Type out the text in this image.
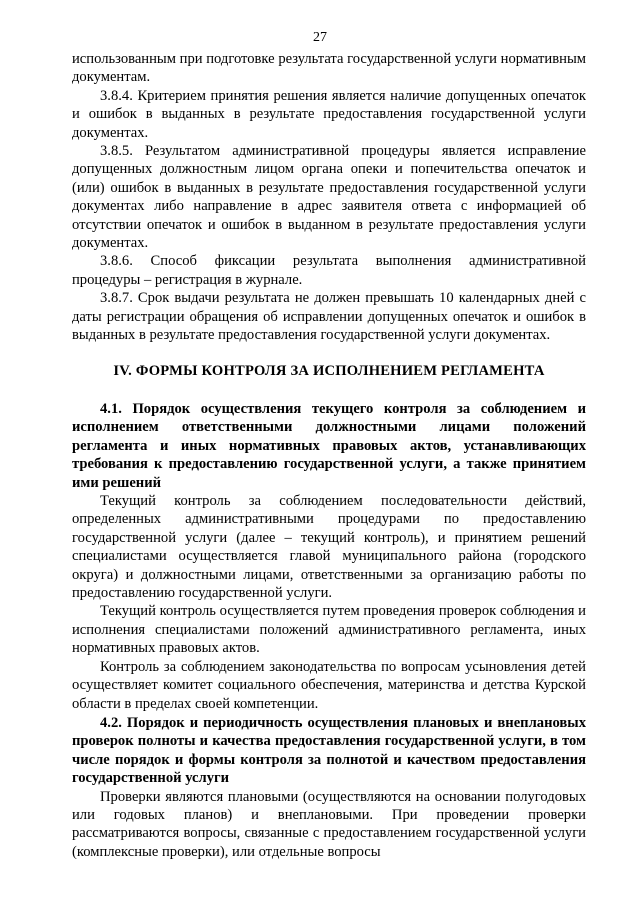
27

использованным при подготовке результата государственной услуги нормативным документам.

3.8.4. Критерием принятия решения является наличие допущенных опечаток и ошибок в выданных в результате предоставления государственной услуги документах.

3.8.5. Результатом административной процедуры является исправление допущенных должностным лицом органа опеки и попечительства опечаток и (или) ошибок в выданных в результате предоставления государственной услуги документах либо направление в адрес заявителя ответа с информацией об отсутствии опечаток и ошибок в выданном в результате предоставления услуги документах.

3.8.6. Способ фиксации результата выполнения административной процедуры – регистрация в журнале.

3.8.7. Срок выдачи результата не должен превышать 10 календарных дней с даты регистрации обращения об исправлении допущенных опечаток и ошибок в выданных в результате предоставления государственной услуги документах.

IV. ФОРМЫ КОНТРОЛЯ ЗА ИСПОЛНЕНИЕМ РЕГЛАМЕНТА

4.1. Порядок осуществления текущего контроля за соблюдением и исполнением ответственными должностными лицами положений регламента и иных нормативных правовых актов, устанавливающих требования к предоставлению государственной услуги, а также принятием ими решений

Текущий контроль за соблюдением последовательности действий, определенных административными процедурами по предоставлению государственной услуги (далее – текущий контроль), и принятием решений специалистами осуществляется главой муниципального района (городского округа) и должностными лицами, ответственными за организацию работы по предоставлению государственной услуги.

Текущий контроль осуществляется путем проведения проверок соблюдения и исполнения специалистами положений административного регламента, иных нормативных правовых актов.

Контроль за соблюдением законодательства по вопросам усыновления детей осуществляет комитет социального обеспечения, материнства и детства Курской области в пределах своей компетенции.

4.2. Порядок и периодичность осуществления плановых и внеплановых проверок полноты и качества предоставления государственной услуги, в том числе порядок и формы контроля за полнотой и качеством предоставления государственной услуги

Проверки являются плановыми (осуществляются на основании полугодовых или годовых планов) и внеплановыми. При проведении проверки рассматриваются вопросы, связанные с предоставлением государственной услуги (комплексные проверки), или отдельные вопросы
